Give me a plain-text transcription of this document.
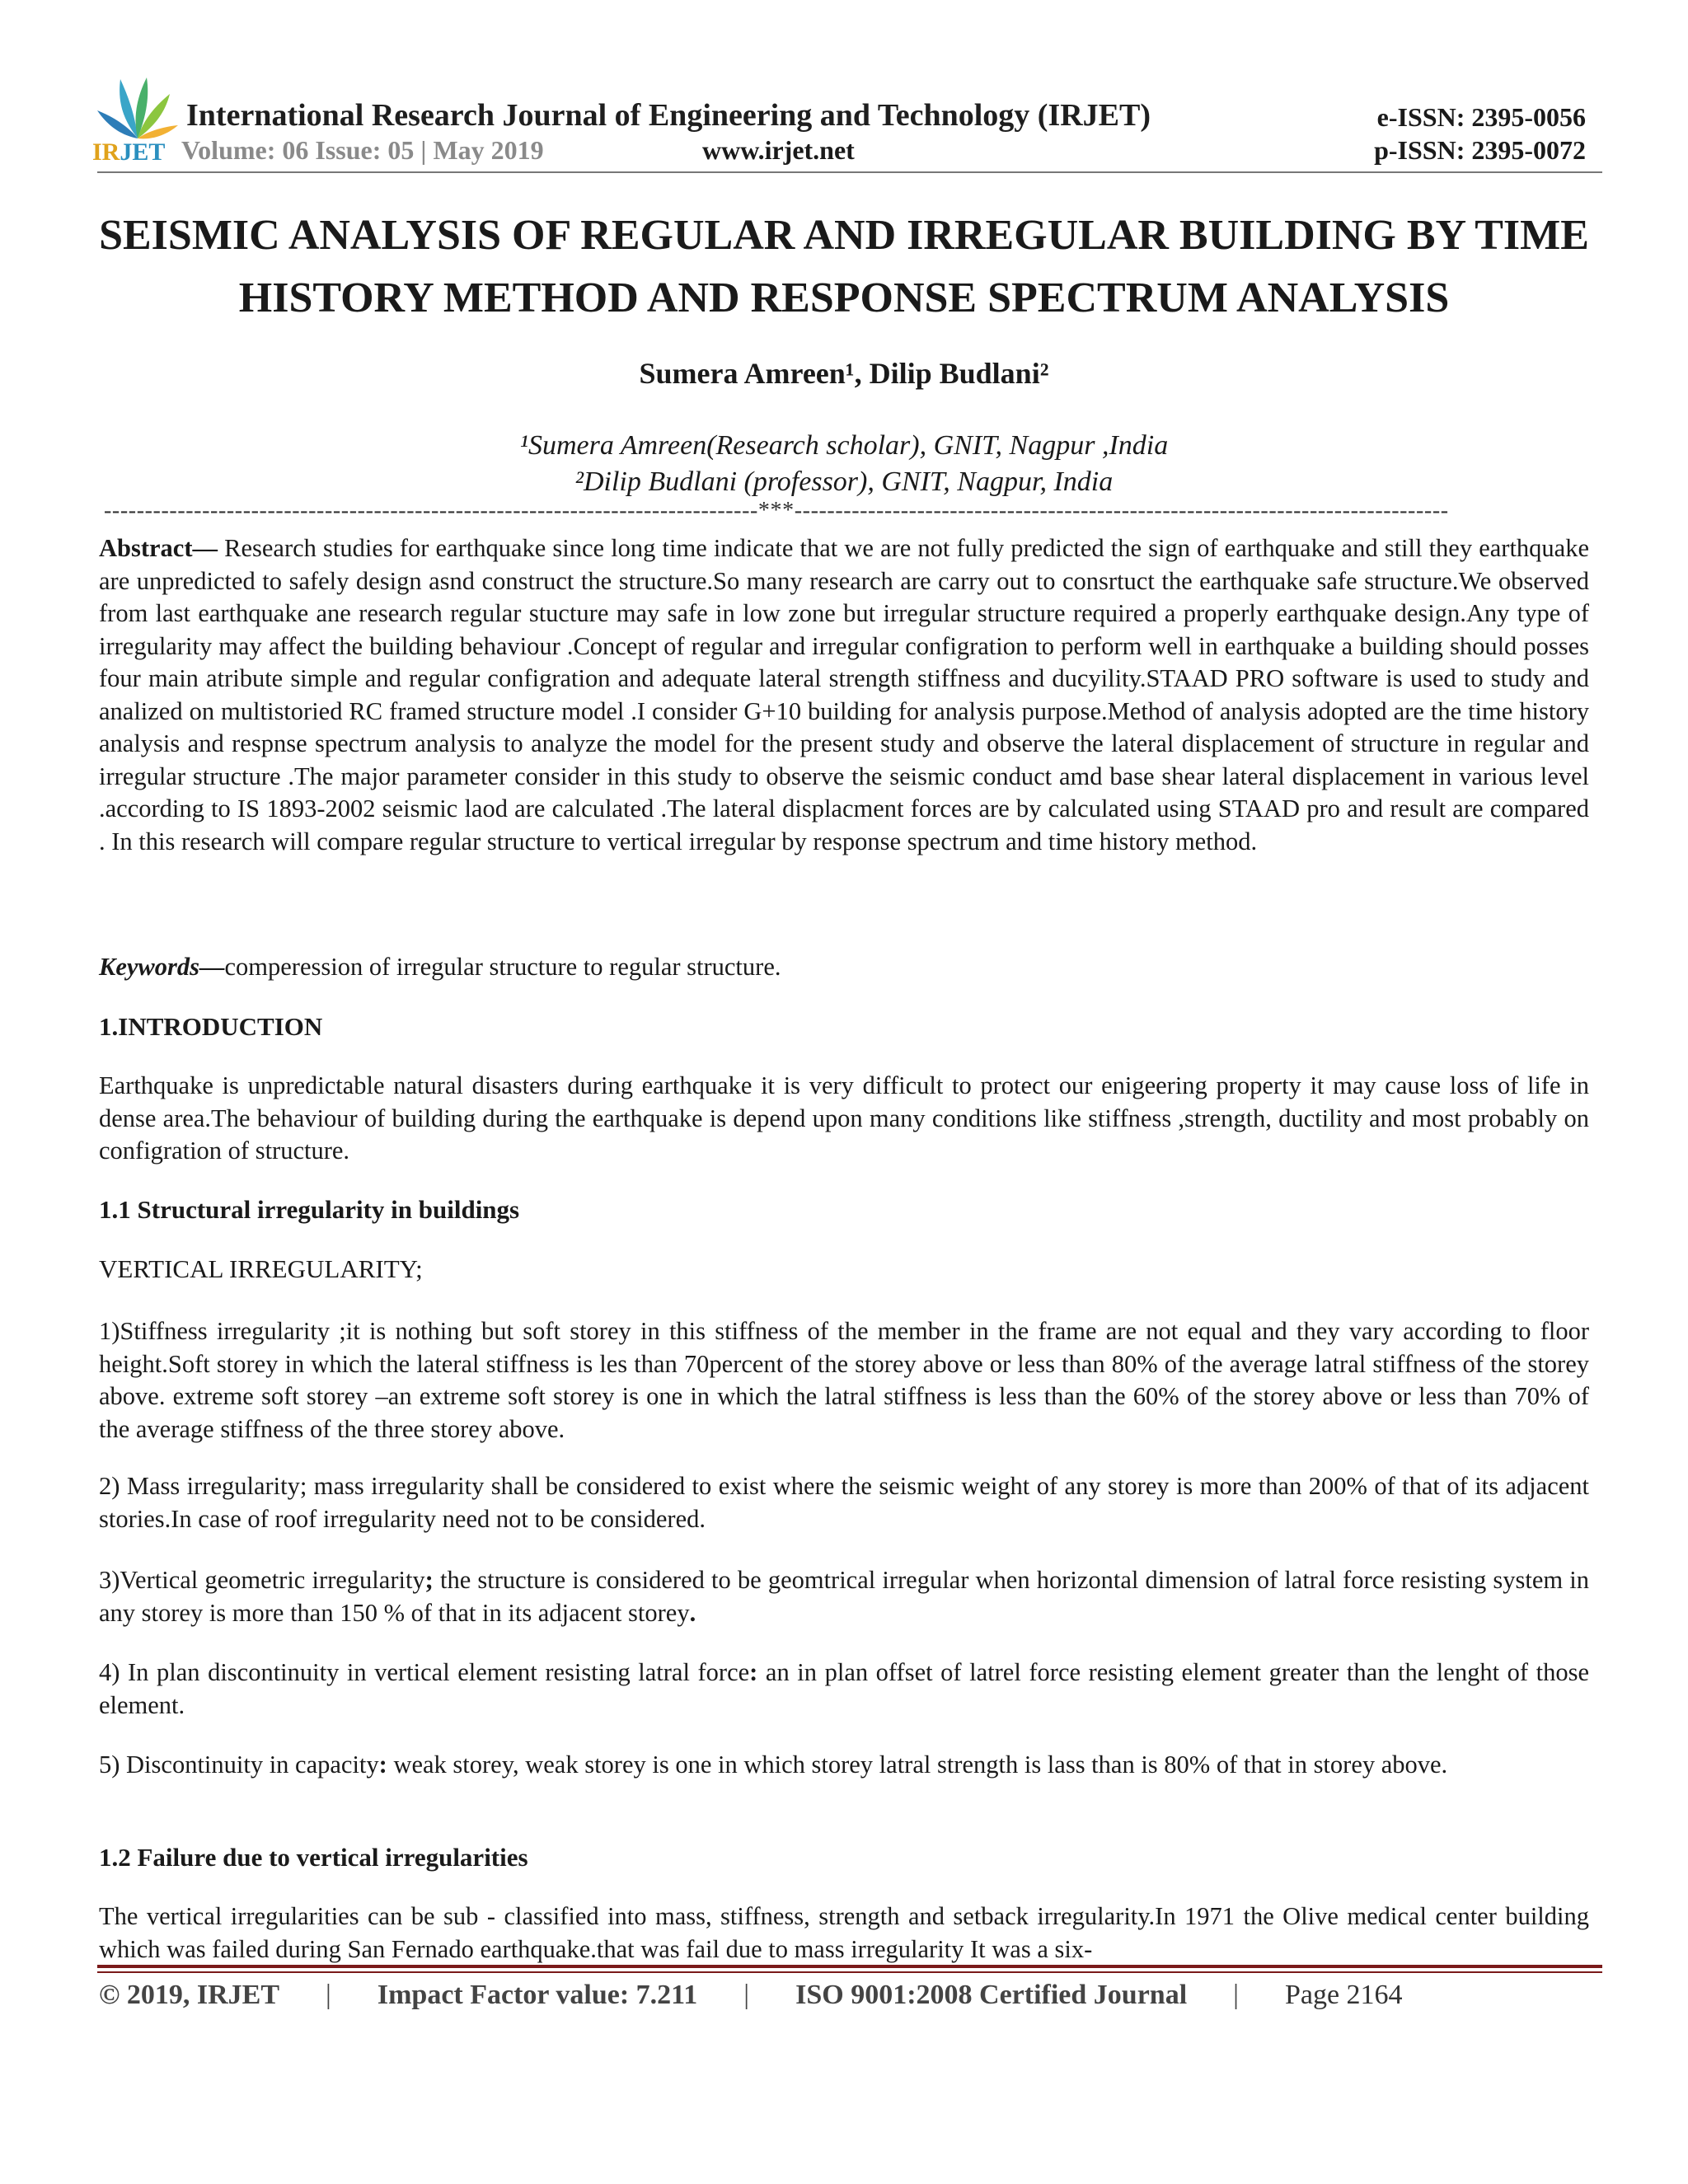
IRJET
International Research Journal of Engineering and Technology (IRJET)	e-ISSN: 2395-0056
Volume: 06 Issue: 05 | May 2019	www.irjet.net	p-ISSN: 2395-0072
SEISMIC ANALYSIS OF REGULAR AND IRREGULAR BUILDING BY TIME
HISTORY METHOD AND RESPONSE SPECTRUM ANALYSIS
Sumera Amreen¹, Dilip Budlani²
¹Sumera Amreen(Research scholar), GNIT, Nagpur ,India
²Dilip Budlani (professor), GNIT, Nagpur, India
--------------------------------------------------------------------------------***--------------------------------------------------------------------------------

Abstract— Research studies for earthquake since long time indicate that we are not fully predicted the sign of earthquake and still they earthquake are unpredicted to safely design asnd construct the structure.So many research are carry out to consrtuct the earthquake safe structure.We observed from last earthquake ane research regular stucture may safe in low zone but irregular structure required a properly earthquake design.Any type of irregularity may affect the building behaviour .Concept of regular and irregular configration to perform well in earthquake a building should posses four main atribute simple and regular configration and adequate lateral strength stiffness and ducyility.STAAD PRO software is used to study and analized on multistoried RC framed structure model .I consider G+10 building for analysis purpose.Method of analysis adopted are the time history analysis and respnse spectrum analysis to analyze the model for the present study and observe the lateral displacement of structure in regular and irregular structure .The major parameter consider in this study to observe the seismic conduct amd base shear lateral displacement in various level .according to IS 1893-2002 seismic laod are calculated .The lateral displacment forces are by calculated using STAAD pro and result are compared . In this research will compare regular structure to vertical irregular by response spectrum and time history method.

Keywords—comperession of irregular structure to regular structure.

1.INTRODUCTION

Earthquake is unpredictable natural disasters during earthquake it is very difficult to protect our enigeering property it may cause loss of life in dense area.The behaviour of building during the earthquake is depend upon many conditions like stiffness ,strength, ductility and most probably on configration of structure.

1.1 Structural irregularity in buildings
VERTICAL IRREGULARITY;

1)Stiffness irregularity ;it is nothing but soft storey in this stiffness of the member in the frame are not equal and they vary according to floor height.Soft storey in which the lateral stiffness is les than 70percent of the storey above or less than 80% of the average latral stiffness of the storey above. extreme soft storey –an extreme soft storey is one in which the latral stiffness is less than the 60% of the storey above or less than 70% of the average stiffness of the three storey above.

2) Mass irregularity; mass irregularity shall be considered to exist where the seismic weight of any storey is more than 200% of that of its adjacent stories.In case of roof irregularity need not to be considered.

3)Vertical geometric irregularity; the structure is considered to be geomtrical irregular when horizontal dimension of latral force resisting system in any storey is more than 150 % of that in its adjacent storey.

4) In plan discontinuity in vertical element resisting latral force: an in plan offset of latrel force resisting element greater than the lenght of those element.

5) Discontinuity in capacity: weak storey, weak storey is one in which storey latral strength is lass than is 80% of that in storey above.

1.2 Failure due to vertical irregularities

The vertical irregularities can be sub - classified into mass, stiffness, strength and setback irregularity.In 1971 the Olive medical center building which was failed during San Fernado earthquake.that was fail due to mass irregularity It was a six-

© 2019, IRJET | Impact Factor value: 7.211 | ISO 9001:2008 Certified Journal | Page 2164
